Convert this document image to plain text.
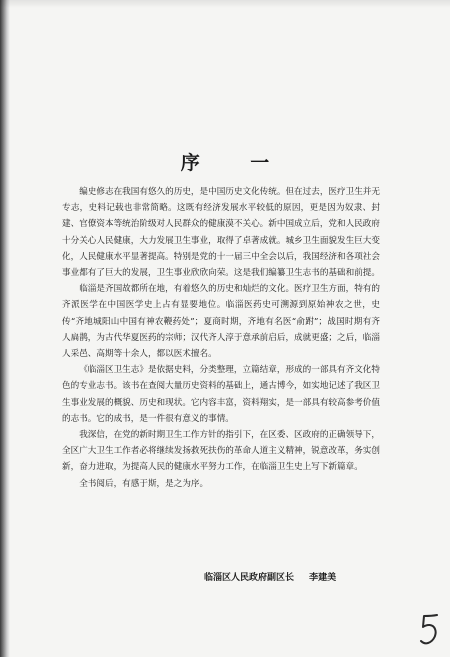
序 一

编史修志在我国有悠久的历史，是中国历史文化传统。但在过去，医疗卫生并无专志，史料记载也非常简略。这既有经济发展水平较低的原因，更是因为奴隶、封建、官僚资本等统治阶级对人民群众的健康漠不关心。新中国成立后，党和人民政府十分关心人民健康，大力发展卫生事业，取得了卓著成就。城乡卫生面貌发生巨大变化，人民健康水平显著提高。特别是党的十一届三中全会以后，我国经济和各项社会事业都有了巨大的发展，卫生事业欣欣向荣。这是我们编纂卫生志书的基础和前提。

临淄是齐国故都所在地，有着悠久的历史和灿烂的文化。医疗卫生方面，特有的齐派医学在中国医学史上占有显要地位。临淄医药史可溯源到原始神农之世，史传“齐地城阳山中国有神农鞭药处”；夏商时期，齐地有名医“俞跗”；战国时期有齐人扁鹊，为古代华夏医药的宗师；汉代齐人淳于意承前启后，成就更盛；之后，临淄人采邑、高期等十余人，都以医术擅名。

《临淄区卫生志》是依据史料，分类整理，立篇结章，形成的一部具有齐文化特色的专业志书。该书在查阅大量历史资料的基础上，通古博今，如实地记述了我区卫生事业发展的概貌、历史和现状。它内容丰富，资料翔实，是一部具有较高参考价值的志书。它的成书，是一件很有意义的事情。

我深信，在党的新时期卫生工作方针的指引下，在区委、区政府的正确领导下，全区广大卫生工作者必将继续发扬救死扶伤的革命人道主义精神，锐意改革，务实创新，奋力进取，为提高人民的健康水平努力工作，在临淄卫生史上写下新篇章。

全书阅后，有感于斯，是之为序。

临淄区人民政府副区长 李建美
